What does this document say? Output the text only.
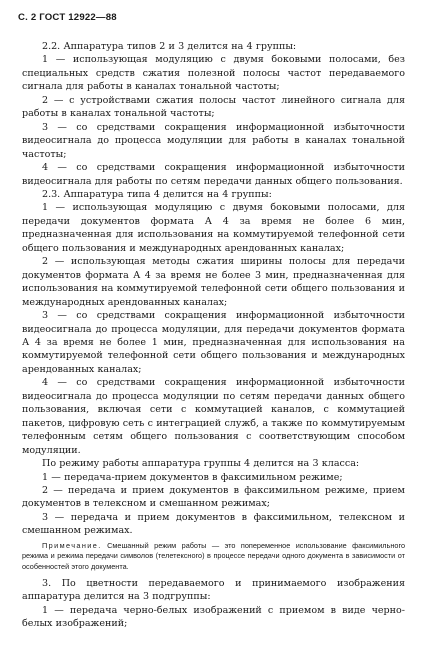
С. 2 ГОСТ 12922—88

2.2. Аппаратура типов 2 и 3 делится на 4 группы:

1 — использующая модуляцию с двумя боковыми полосами, без специальных средств сжатия полезной полосы частот передаваемого сигнала для работы в каналах тональной частоты;

2 — с устройствами сжатия полосы частот линейного сигнала для работы в каналах тональной частоты;

3 — со средствами сокращения информационной избыточности видеосигнала до процесса модуляции для работы в каналах тональной частоты;

4 — со средствами сокращения информационной избыточности видеосигнала для работы по сетям передачи данных общего пользования.

2.3. Аппаратура типа 4 делится на 4 группы:

1 — использующая модуляцию с двумя боковыми полосами, для передачи документов формата А 4 за время не более 6 мин, предназначенная для использования на коммутируемой телефонной сети общего пользования и международных арендованных каналах;

2 — использующая методы сжатия ширины полосы для передачи документов формата А 4 за время не более 3 мин, предназначенная для использования на коммутируемой телефонной сети общего пользования и международных арендованных каналах;

3 — со средствами сокращения информационной избыточности видеосигнала до процесса модуляции, для передачи документов формата А 4 за время не более 1 мин, предназначенная для использования на коммутируемой телефонной сети общего пользования и международных арендованных каналах;

4 — со средствами сокращения информационной избыточности видеосигнала до процесса модуляции по сетям передачи данных общего пользования, включая сети с коммутацией каналов, с коммутацией пакетов, цифровую сеть с интеграцией служб, а также по коммутируемым телефонным сетям общего пользования с соответствующим способом модуляции.

По режиму работы аппаратура группы 4 делится на 3 класса:

1 — передача-прием документов в факсимильном режиме;

2 — передача и прием документов в факсимильном режиме, прием документов в телексном и смешанном режимах;

3 — передача и прием документов в факсимильном, телексном и смешанном режимах.

Примечание. Смешанный режим работы — это попеременное использование факсимильного режима и режима передачи символов (телетексного) в процессе передачи одного документа в зависимости от особенностей этого документа.

3. По цветности передаваемого и принимаемого изображения аппаратура делится на 3 подгруппы:

1 — передача черно-белых изображений с приемом в виде черно-белых изображений;
